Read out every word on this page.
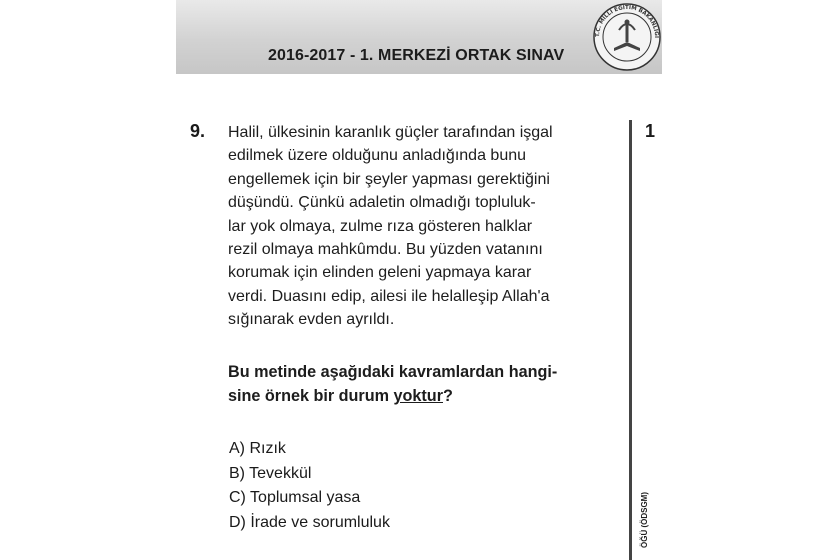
2016-2017 - 1. MERKEZİ ORTAK SINAV
T.C. MİLLÎ EĞİTİM BAKANLIĞI
9.	1
ÖĞÜ (ÖDSGM)
Halil, ülkesinin karanlık güçler tarafından işgal
edilmek üzere olduğunu anladığında bunu
engellemek için bir şeyler yapması gerektiğini
düşündü. Çünkü adaletin olmadığı topluluk-
lar yok olmaya, zulme rıza gösteren halklar
rezil olmaya mahkûmdu. Bu yüzden vatanını
korumak için elinden geleni yapmaya karar
verdi. Duasını edip, ailesi ile helalleşip Allah'a
sığınarak evden ayrıldı.
Bu metinde aşağıdaki kavramlardan hangi-
sine örnek bir durum yoktur?
A) Rızık
B) Tevekkül
C) Toplumsal yasa
D) İrade ve sorumluluk
